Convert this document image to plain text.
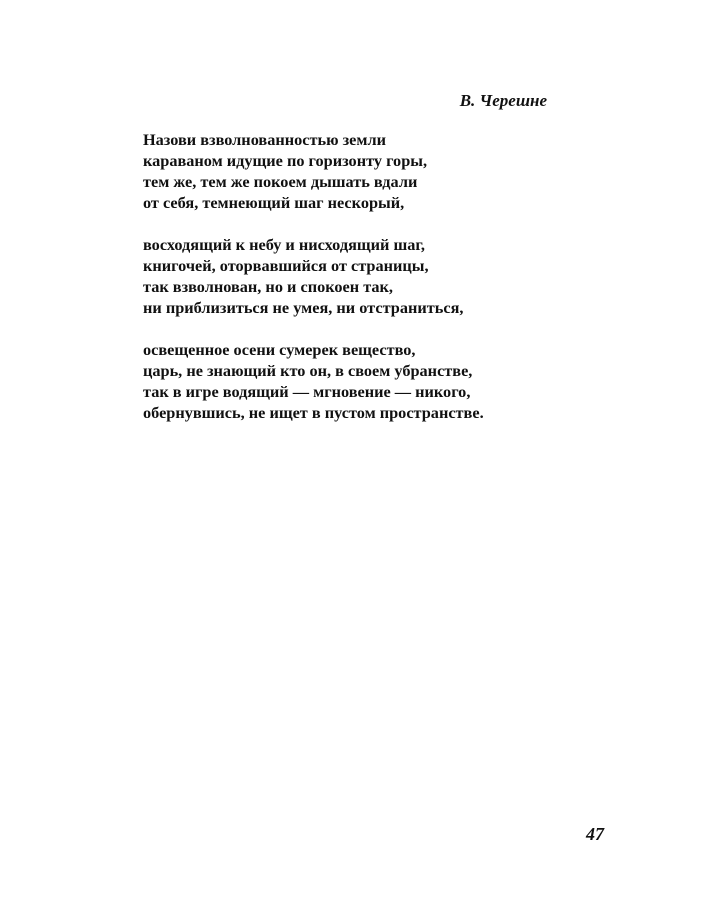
В. Черешне
Назови взволнованностью земли
караваном идущие по горизонту горы,
тем же, тем же покоем дышать вдали
от себя, темнеющий шаг нескорый,
восходящий к небу и нисходящий шаг,
книгочей, оторвавшийся от страницы,
так взволнован, но и спокоен так,
ни приблизиться не умея, ни отстраниться,
освещенное осени сумерек вещество,
царь, не знающий кто он, в своем убранстве,
так в игре водящий — мгновение — никого,
обернувшись, не ищет в пустом пространстве.
47
